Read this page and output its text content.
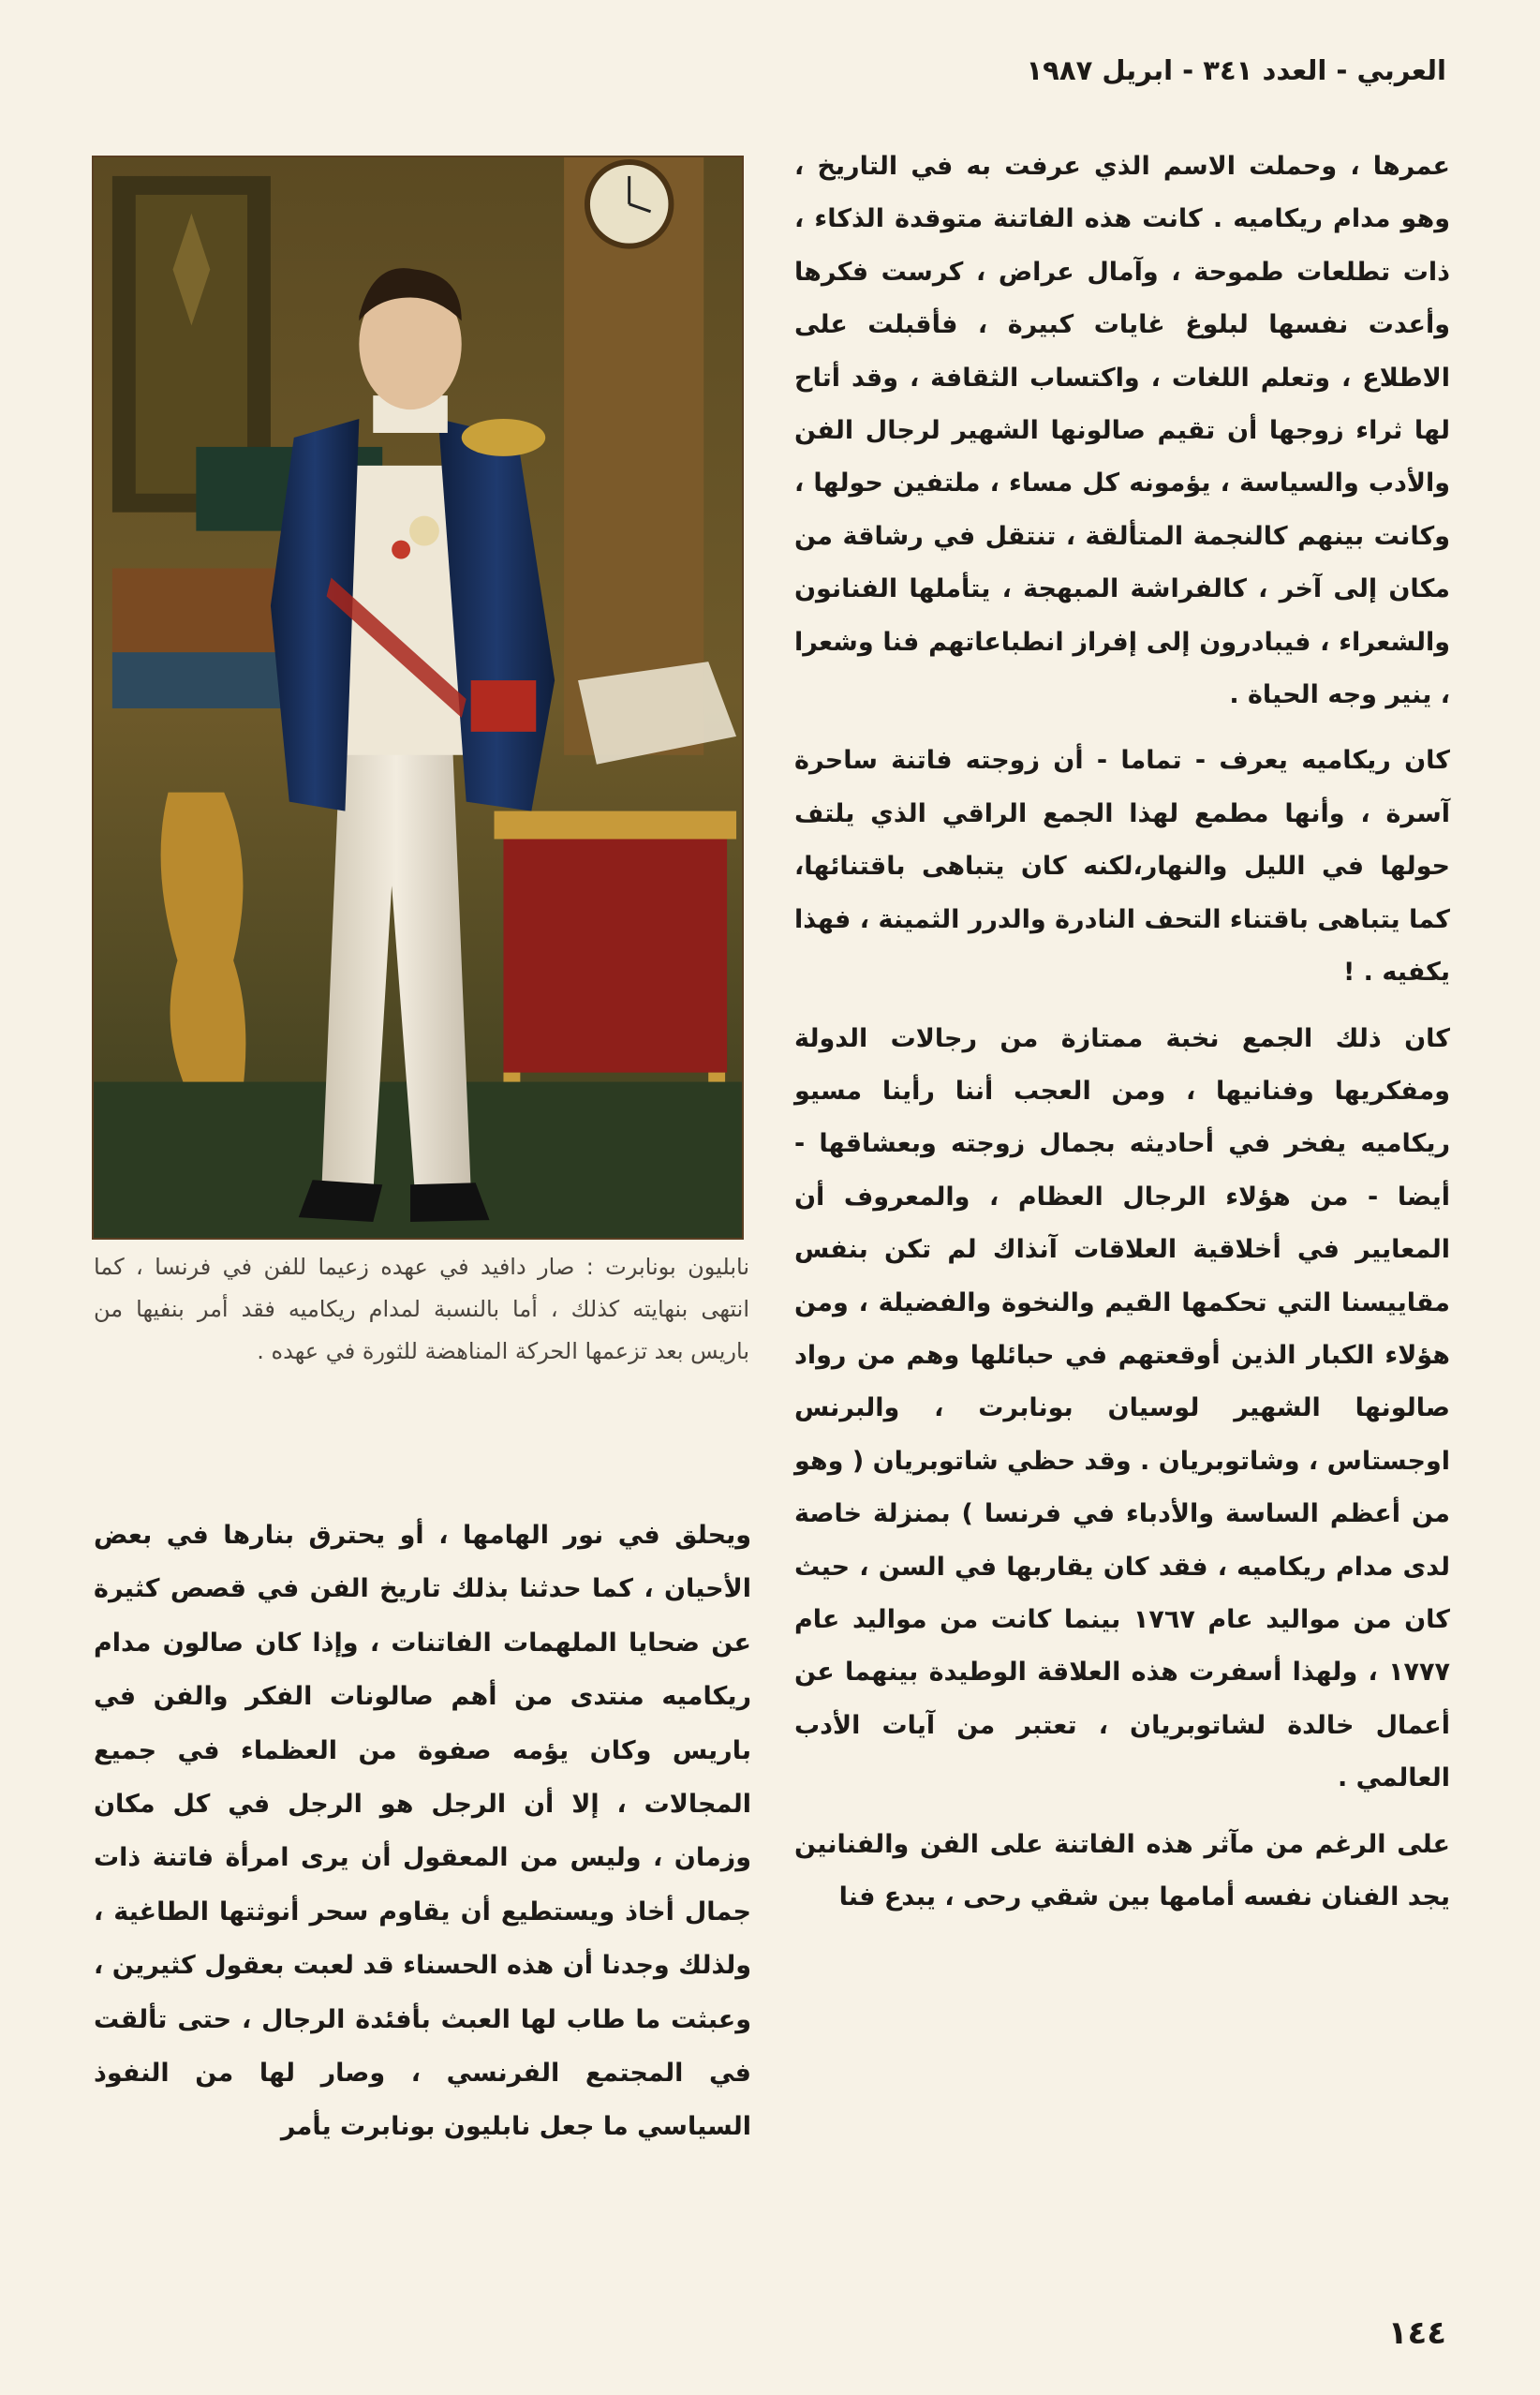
العربي - العدد ٣٤١ - ابريل ١٩٨٧

عمرها ، وحملت الاسم الذي عرفت به في التاريخ ، وهو مدام ريكاميه . كانت هذه الفاتنة متوقدة الذكاء ، ذات تطلعات طموحة ، وآمال عراض ، كرست فكرها وأعدت نفسها لبلوغ غايات كبيرة ، فأقبلت على الاطلاع ، وتعلم اللغات ، واكتساب الثقافة ، وقد أتاح لها ثراء زوجها أن تقيم صالونها الشهير لرجال الفن والأدب والسياسة ، يؤمونه كل مساء ، ملتفين حولها ، وكانت بينهم كالنجمة المتألقة ، تنتقل في رشاقة من مكان إلى آخر ، كالفراشة المبهجة ، يتأملها الفنانون والشعراء ، فيبادرون إلى إفراز انطباعاتهم فنا وشعرا ، ينير وجه الحياة .

كان ريكاميه يعرف - تماما - أن زوجته فاتنة ساحرة آسرة ، وأنها مطمع لهذا الجمع الراقي الذي يلتف حولها في الليل والنهار،لكنه كان يتباهى باقتنائها، كما يتباهى باقتناء التحف النادرة والدرر الثمينة ، فهذا يكفيه . !

كان ذلك الجمع نخبة ممتازة من رجالات الدولة ومفكريها وفنانيها ، ومن العجب أننا رأينا مسيو ريكاميه يفخر في أحاديثه بجمال زوجته وبعشاقها - أيضا - من هؤلاء الرجال العظام ، والمعروف أن المعايير في أخلاقية العلاقات آنذاك لم تكن بنفس مقاييسنا التي تحكمها القيم والنخوة والفضيلة ، ومن هؤلاء الكبار الذين أوقعتهم في حبائلها وهم من رواد صالونها الشهير لوسيان بونابرت ، والبرنس اوجستاس ، وشاتوبريان . وقد حظي شاتوبريان ( وهو من أعظم الساسة والأدباء في فرنسا ) بمنزلة خاصة لدى مدام ريكاميه ، فقد كان يقاربها في السن ، حيث كان من مواليد عام ١٧٦٧ بينما كانت من مواليد عام ١٧٧٧ ، ولهذا أسفرت هذه العلاقة الوطيدة بينهما عن أعمال خالدة لشاتوبريان ، تعتبر من آيات الأدب العالمي .

على الرغم من مآثر هذه الفاتنة على الفن والفنانين يجد الفنان نفسه أمامها بين شقي رحى ، يبدع فنا

نابليون بونابرت : صار دافيد في عهده زعيما للفن في فرنسا ، كما انتهى بنهايته كذلك ، أما بالنسبة لمدام ريكاميه فقد أمر بنفيها من باريس بعد تزعمها الحركة المناهضة للثورة في عهده .

ويحلق في نور الهامها ، أو يحترق بنارها في بعض الأحيان ، كما حدثنا بذلك تاريخ الفن في قصص كثيرة عن ضحايا الملهمات الفاتنات ، وإذا كان صالون مدام ريكاميه منتدى من أهم صالونات الفكر والفن في باريس وكان يؤمه صفوة من العظماء في جميع المجالات ، إلا أن الرجل هو الرجل في كل مكان وزمان ، وليس من المعقول أن يرى امرأة فاتنة ذات جمال أخاذ ويستطيع أن يقاوم سحر أنوثتها الطاغية ، ولذلك وجدنا أن هذه الحسناء قد لعبت بعقول كثيرين ، وعبثت ما طاب لها العبث بأفئدة الرجال ، حتى تألقت في المجتمع الفرنسي ، وصار لها من النفوذ السياسي ما جعل نابليون بونابرت يأمر

١٤٤
